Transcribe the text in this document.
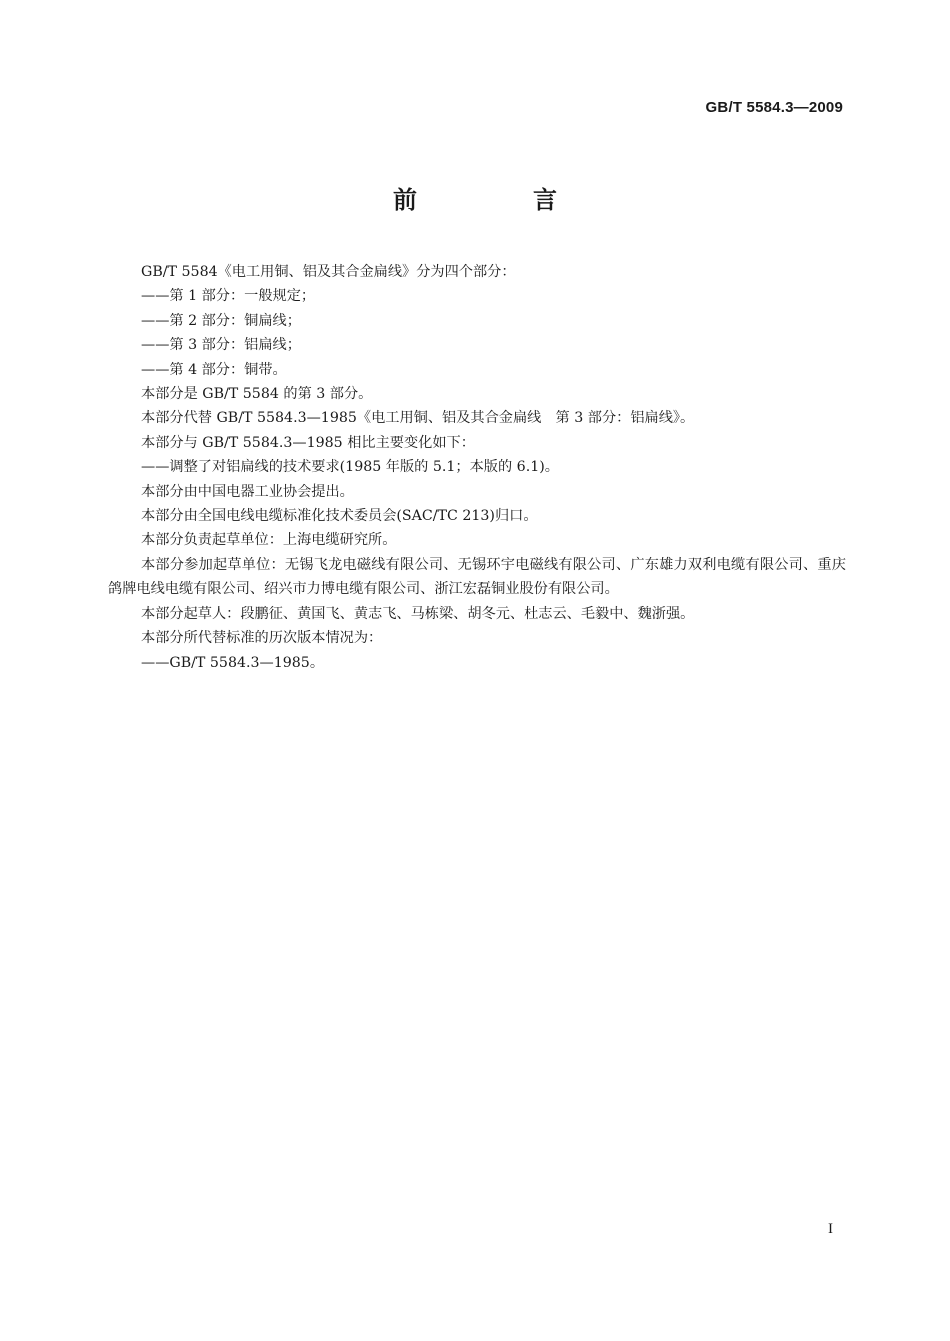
GB/T 5584.3—2009
前　言

GB/T 5584《电工用铜、铝及其合金扁线》分为四个部分：

——第 1 部分：一般规定；

——第 2 部分：铜扁线；

——第 3 部分：铝扁线；

——第 4 部分：铜带。

本部分是 GB/T 5584 的第 3 部分。

本部分代替 GB/T 5584.3—1985《电工用铜、铝及其合金扁线　第 3 部分：铝扁线》。

本部分与 GB/T 5584.3—1985 相比主要变化如下：

——调整了对铝扁线的技术要求(1985 年版的 5.1；本版的 6.1)。

本部分由中国电器工业协会提出。

本部分由全国电线电缆标准化技术委员会(SAC/TC 213)归口。

本部分负责起草单位：上海电缆研究所。

本部分参加起草单位：无锡飞龙电磁线有限公司、无锡环宇电磁线有限公司、广东雄力双利电缆有限公司、重庆鸽牌电线电缆有限公司、绍兴市力博电缆有限公司、浙江宏磊铜业股份有限公司。

本部分起草人：段鹏征、黄国飞、黄志飞、马栋梁、胡冬元、杜志云、毛毅中、魏浙强。

本部分所代替标准的历次版本情况为：

——GB/T 5584.3—1985。

I
